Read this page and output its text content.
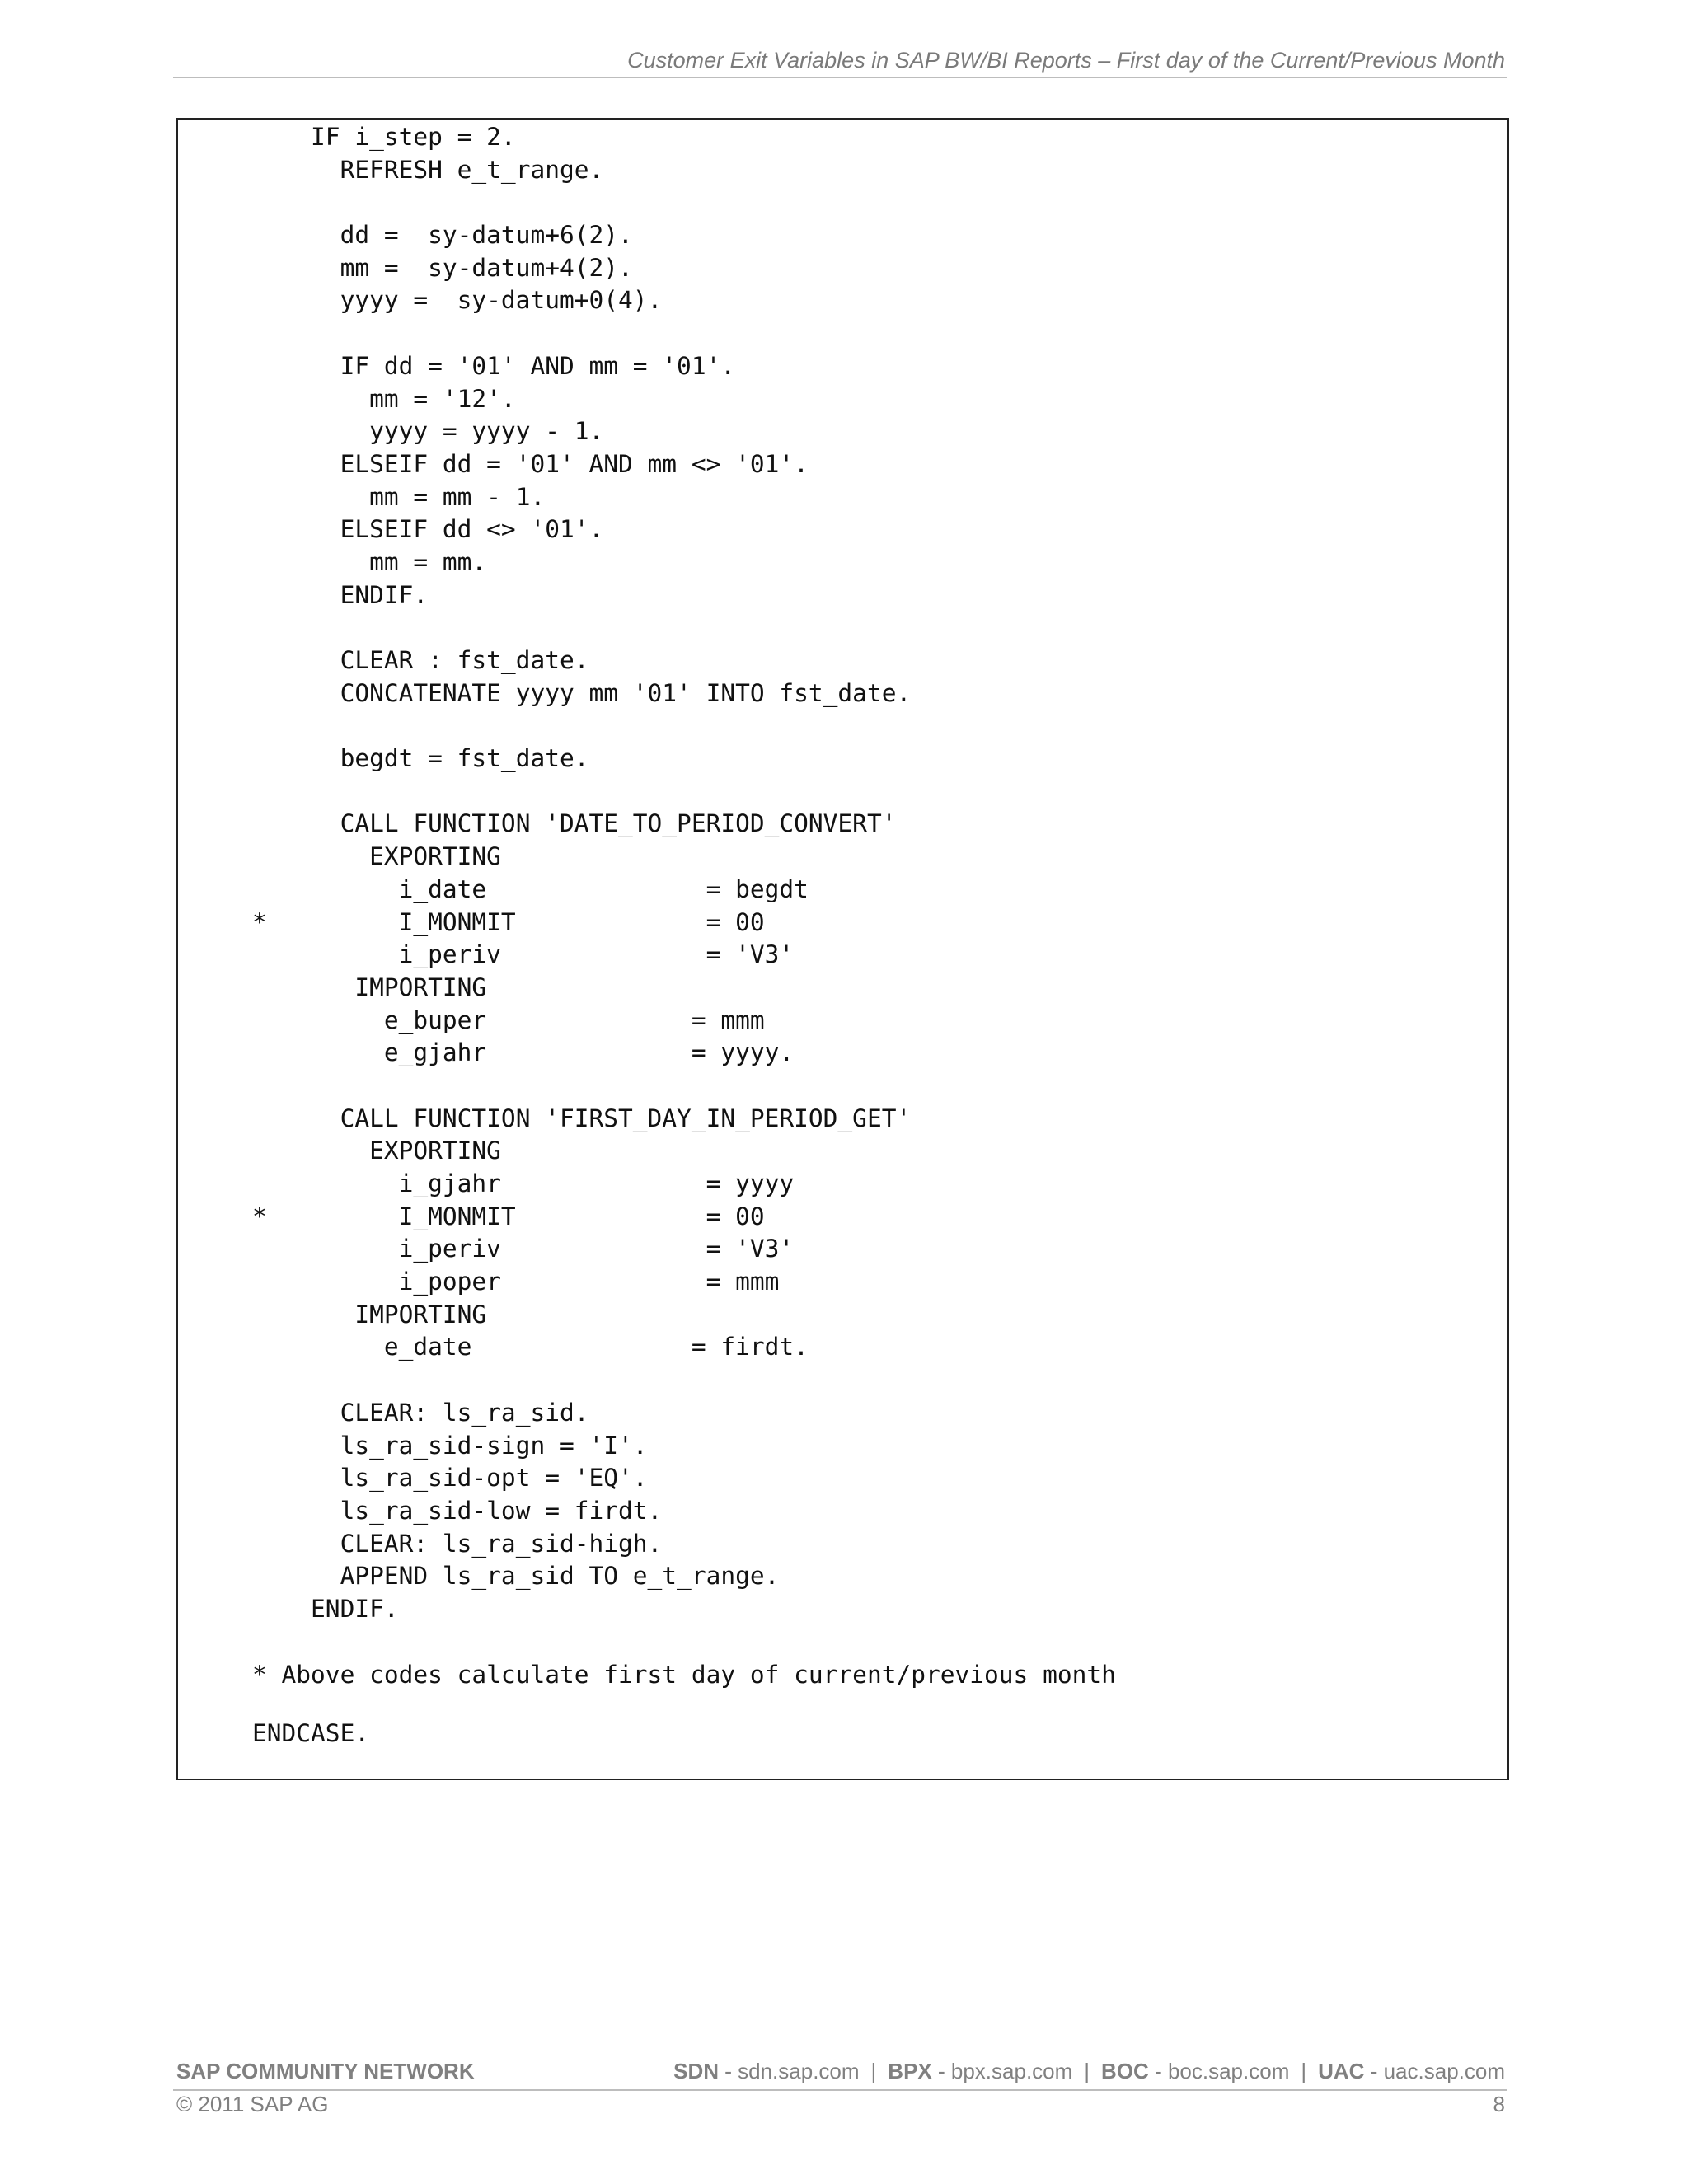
Customer Exit Variables in SAP BW/BI Reports – First day of the Current/Previous Month
IF i_step = 2.
REFRESH e_t_range.
dd =  sy-datum+6(2).
mm =  sy-datum+4(2).
yyyy =  sy-datum+0(4).
IF dd = '01' AND mm = '01'.
mm = '12'.
yyyy = yyyy - 1.
ELSEIF dd = '01' AND mm <> '01'.
mm = mm - 1.
ELSEIF dd <> '01'.
mm = mm.
ENDIF.
CLEAR : fst_date.
CONCATENATE yyyy mm '01' INTO fst_date.
begdt = fst_date.
CALL FUNCTION 'DATE_TO_PERIOD_CONVERT'
EXPORTING
i_date               = begdt
*         I_MONMIT             = 00
i_periv              = 'V3'
IMPORTING
e_buper              = mmm
e_gjahr              = yyyy.
CALL FUNCTION 'FIRST_DAY_IN_PERIOD_GET'
EXPORTING
i_gjahr              = yyyy
*         I_MONMIT             = 00
i_periv              = 'V3'
i_poper              = mmm
IMPORTING
e_date               = firdt.
CLEAR: ls_ra_sid.
ls_ra_sid-sign = 'I'.
ls_ra_sid-opt = 'EQ'.
ls_ra_sid-low = firdt.
CLEAR: ls_ra_sid-high.
APPEND ls_ra_sid TO e_t_range.
ENDIF.
* Above codes calculate first day of current/previous month
ENDCASE.
SAP COMMUNITY NETWORK	SDN - sdn.sap.com | BPX - bpx.sap.com | BOC - boc.sap.com | UAC - uac.sap.com
© 2011 SAP AG	8
